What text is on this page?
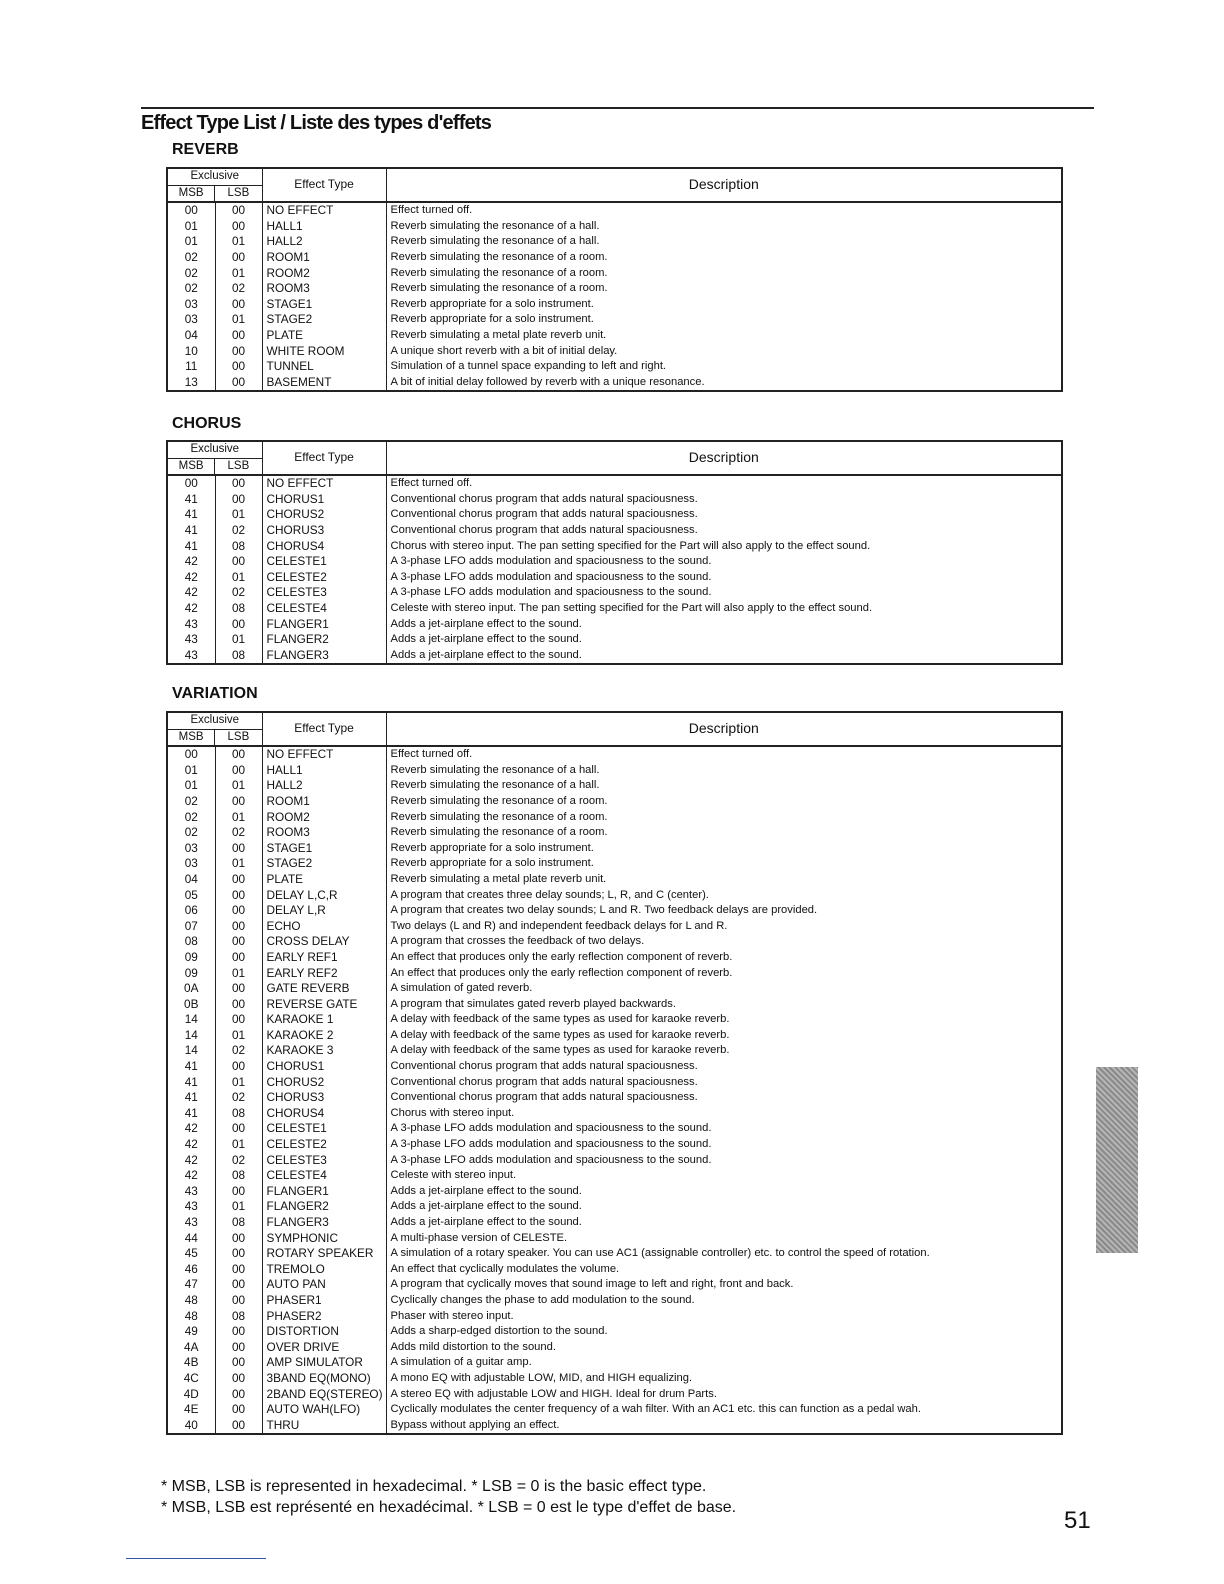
Effect Type List / Liste des types d'effets
REVERB
Exclusive
MSB LSB		Effect Type	Description
00	00	NO EFFECT	Effect turned off.
01	00	HALL1	Reverb simulating the resonance of a hall.
01	01	HALL2	Reverb simulating the resonance of a hall.
02	00	ROOM1	Reverb simulating the resonance of a room.
02	01	ROOM2	Reverb simulating the resonance of a room.
02	02	ROOM3	Reverb simulating the resonance of a room.
03	00	STAGE1	Reverb appropriate for a solo instrument.
03	01	STAGE2	Reverb appropriate for a solo instrument.
04	00	PLATE	Reverb simulating a metal plate reverb unit.
10	00	WHITE ROOM	A unique short reverb with a bit of initial delay.
11	00	TUNNEL	Simulation of a tunnel space expanding to left and right.
13	00	BASEMENT	A bit of initial delay followed by reverb with a unique resonance.
CHORUS
Exclusive
MSB LSB		Effect Type	Description
00	00	NO EFFECT	Effect turned off.
41	00	CHORUS1	Conventional chorus program that adds natural spaciousness.
41	01	CHORUS2	Conventional chorus program that adds natural spaciousness.
41	02	CHORUS3	Conventional chorus program that adds natural spaciousness.
41	08	CHORUS4	Chorus with stereo input. The pan setting specified for the Part will also apply to the effect sound.
42	00	CELESTE1	A 3-phase LFO adds modulation and spaciousness to the sound.
42	01	CELESTE2	A 3-phase LFO adds modulation and spaciousness to the sound.
42	02	CELESTE3	A 3-phase LFO adds modulation and spaciousness to the sound.
42	08	CELESTE4	Celeste with stereo input. The pan setting specified for the Part will also apply to the effect sound.
43	00	FLANGER1	Adds a jet-airplane effect to the sound.
43	01	FLANGER2	Adds a jet-airplane effect to the sound.
43	08	FLANGER3	Adds a jet-airplane effect to the sound.
VARIATION
Exclusive
MSB LSB		Effect Type	Description
00	00	NO EFFECT	Effect turned off.
01	00	HALL1	Reverb simulating the resonance of a hall.
01	01	HALL2	Reverb simulating the resonance of a hall.
02	00	ROOM1	Reverb simulating the resonance of a room.
02	01	ROOM2	Reverb simulating the resonance of a room.
02	02	ROOM3	Reverb simulating the resonance of a room.
03	00	STAGE1	Reverb appropriate for a solo instrument.
03	01	STAGE2	Reverb appropriate for a solo instrument.
04	00	PLATE	Reverb simulating a metal plate reverb unit.
05	00	DELAY L,C,R	A program that creates three delay sounds; L, R, and C (center).
06	00	DELAY L,R	A program that creates two delay sounds; L and R. Two feedback delays are provided.
07	00	ECHO	Two delays (L and R) and independent feedback delays for L and R.
08	00	CROSS DELAY	A program that crosses the feedback of two delays.
09	00	EARLY REF1	An effect that produces only the early reflection component of reverb.
09	01	EARLY REF2	An effect that produces only the early reflection component of reverb.
0A	00	GATE REVERB	A simulation of gated reverb.
0B	00	REVERSE GATE	A program that simulates gated reverb played backwards.
14	00	KARAOKE 1	A delay with feedback of the same types as used for karaoke reverb.
14	01	KARAOKE 2	A delay with feedback of the same types as used for karaoke reverb.
14	02	KARAOKE 3	A delay with feedback of the same types as used for karaoke reverb.
41	00	CHORUS1	Conventional chorus program that adds natural spaciousness.
41	01	CHORUS2	Conventional chorus program that adds natural spaciousness.
41	02	CHORUS3	Conventional chorus program that adds natural spaciousness.
41	08	CHORUS4	Chorus with stereo input.
42	00	CELESTE1	A 3-phase LFO adds modulation and spaciousness to the sound.
42	01	CELESTE2	A 3-phase LFO adds modulation and spaciousness to the sound.
42	02	CELESTE3	A 3-phase LFO adds modulation and spaciousness to the sound.
42	08	CELESTE4	Celeste with stereo input.
43	00	FLANGER1	Adds a jet-airplane effect to the sound.
43	01	FLANGER2	Adds a jet-airplane effect to the sound.
43	08	FLANGER3	Adds a jet-airplane effect to the sound.
44	00	SYMPHONIC	A multi-phase version of CELESTE.
45	00	ROTARY SPEAKER	A simulation of a rotary speaker. You can use AC1 (assignable controller) etc. to control the speed of rotation.
46	00	TREMOLO	An effect that cyclically modulates the volume.
47	00	AUTO PAN	A program that cyclically moves that sound image to left and right, front and back.
48	00	PHASER1	Cyclically changes the phase to add modulation to the sound.
48	08	PHASER2	Phaser with stereo input.
49	00	DISTORTION	Adds a sharp-edged distortion to the sound.
4A	00	OVER DRIVE	Adds mild distortion to the sound.
4B	00	AMP SIMULATOR	A simulation of a guitar amp.
4C	00	3BAND EQ(MONO)	A mono EQ with adjustable LOW, MID, and HIGH equalizing.
4D	00	2BAND EQ(STEREO)	A stereo EQ with adjustable LOW and HIGH. Ideal for drum Parts.
4E	00	AUTO WAH(LFO)	Cyclically modulates the center frequency of a wah filter. With an AC1 etc. this can function as a pedal wah.
40	00	THRU	Bypass without applying an effect.
* MSB, LSB is represented in hexadecimal. * LSB = 0 is the basic effect type.
* MSB, LSB est représenté en hexadécimal. * LSB = 0 est le type d'effet de base.	51
